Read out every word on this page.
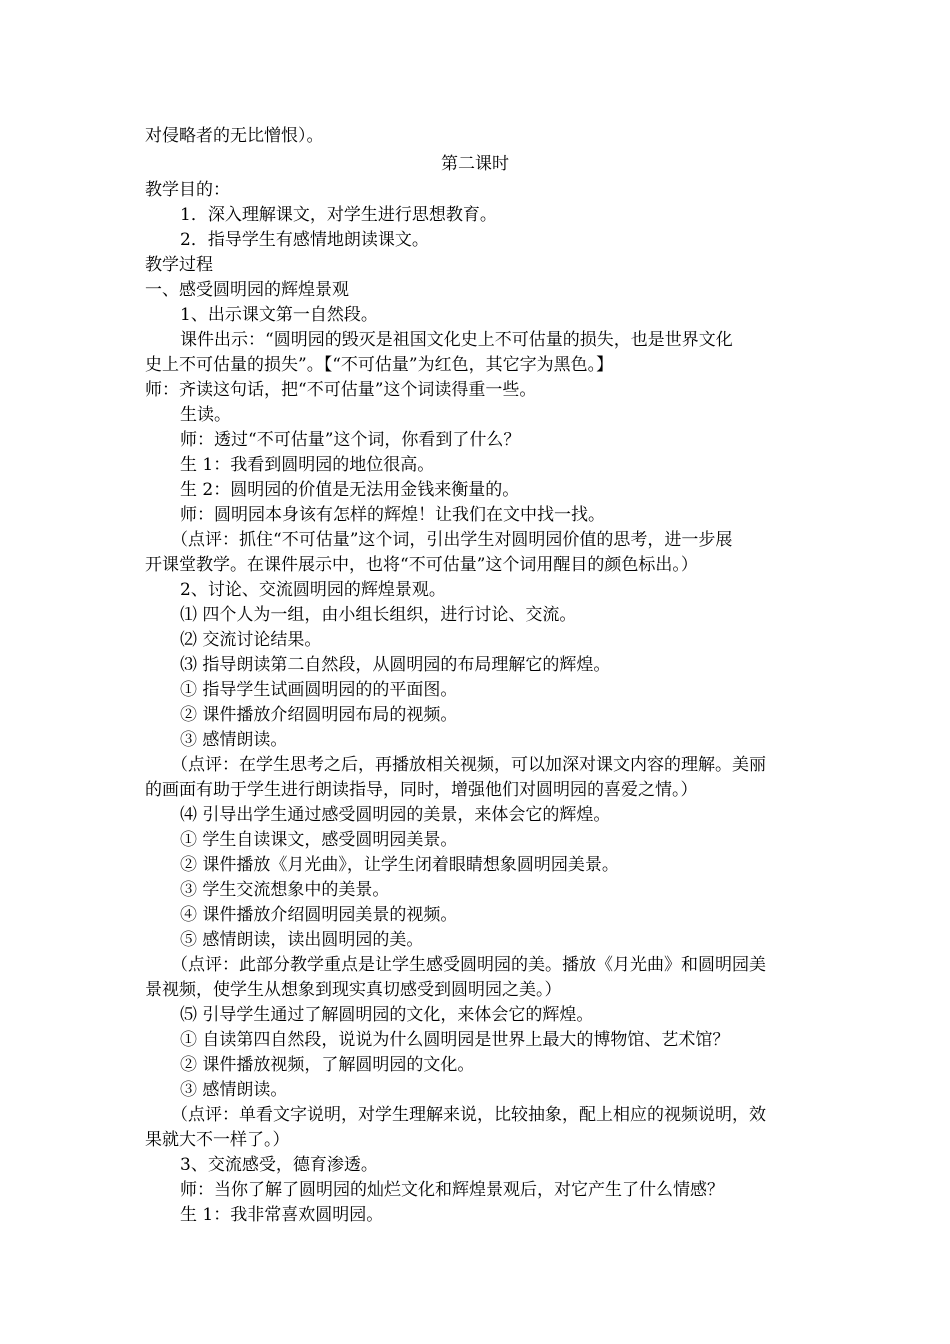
对侵略者的无比憎恨）。
第二课时
教学目的：
1．深入理解课文，对学生进行思想教育。
2．指导学生有感情地朗读课文。
教学过程
一、感受圆明园的辉煌景观
1、出示课文第一自然段。
课件出示：“圆明园的毁灭是祖国文化史上不可估量的损失，也是世界文化
史上不可估量的损失”。【“不可估量”为红色，其它字为黑色。】
师：齐读这句话，把“不可估量”这个词读得重一些。
生读。
师：透过“不可估量”这个词，你看到了什么？
生 1：我看到圆明园的地位很高。
生 2：圆明园的价值是无法用金钱来衡量的。
师：圆明园本身该有怎样的辉煌！让我们在文中找一找。
（点评：抓住“不可估量”这个词，引出学生对圆明园价值的思考，进一步展
开课堂教学。在课件展示中，也将“不可估量”这个词用醒目的颜色标出。）
2、讨论、交流圆明园的辉煌景观。
⑴ 四个人为一组，由小组长组织，进行讨论、交流。
⑵ 交流讨论结果。
⑶ 指导朗读第二自然段，从圆明园的布局理解它的辉煌。
① 指导学生试画圆明园的的平面图。
② 课件播放介绍圆明园布局的视频。
③ 感情朗读。
（点评：在学生思考之后，再播放相关视频，可以加深对课文内容的理解。美丽
的画面有助于学生进行朗读指导，同时，增强他们对圆明园的喜爱之情。）
⑷ 引导出学生通过感受圆明园的美景，来体会它的辉煌。
① 学生自读课文，感受圆明园美景。
② 课件播放《月光曲》，让学生闭着眼睛想象圆明园美景。
③ 学生交流想象中的美景。
④ 课件播放介绍圆明园美景的视频。
⑤ 感情朗读，读出圆明园的美。
（点评：此部分教学重点是让学生感受圆明园的美。播放《月光曲》和圆明园美
景视频，使学生从想象到现实真切感受到圆明园之美。）
⑸ 引导学生通过了解圆明园的文化，来体会它的辉煌。
① 自读第四自然段，说说为什么圆明园是世界上最大的博物馆、艺术馆？
② 课件播放视频，了解圆明园的文化。
③ 感情朗读。
（点评：单看文字说明，对学生理解来说，比较抽象，配上相应的视频说明，效
果就大不一样了。）
3、交流感受，德育渗透。
师：当你了解了圆明园的灿烂文化和辉煌景观后，对它产生了什么情感？
生 1：我非常喜欢圆明园。
